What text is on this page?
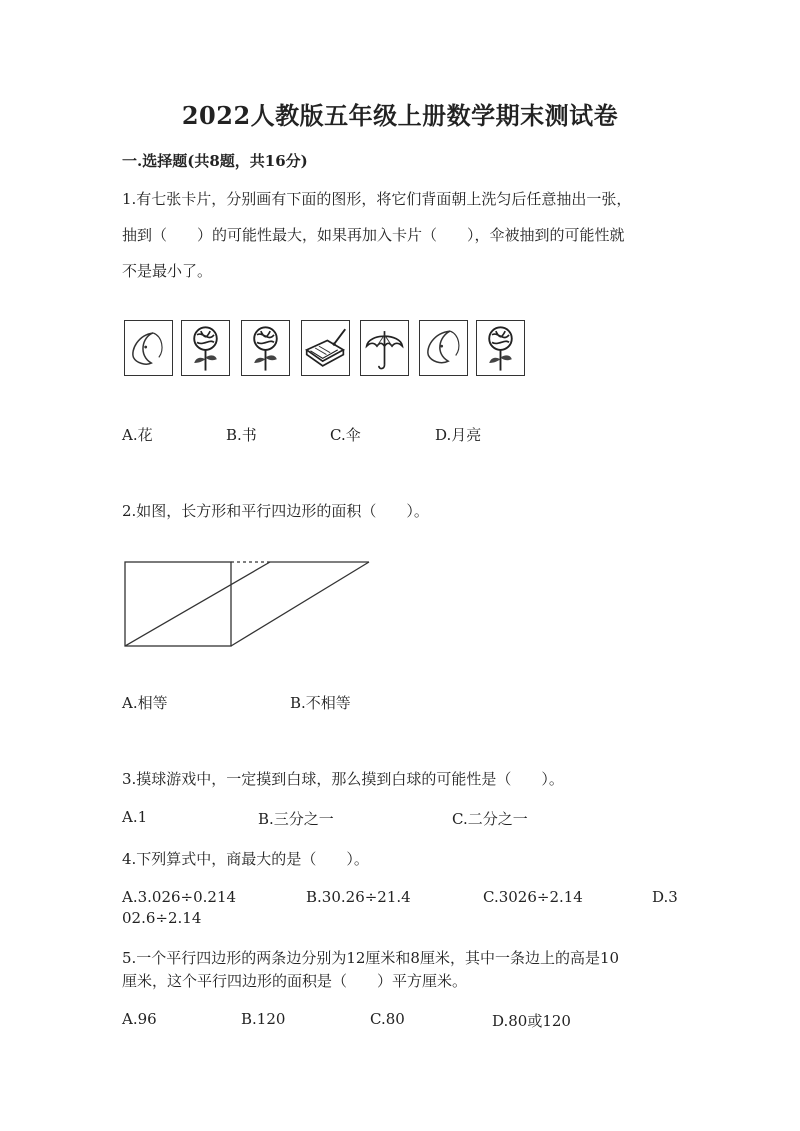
2022人教版五年级上册数学期末测试卷
一.选择题(共8题，共16分)
1.有七张卡片，分别画有下面的图形，将它们背面朝上洗匀后任意抽出一张，
抽到（　　）的可能性最大，如果再加入卡片（　　），伞被抽到的可能性就
不是最小了。
A.花	B.书	C.伞	D.月亮
2.如图，长方形和平行四边形的面积（　　）。
A.相等	B.不相等
3.摸球游戏中，一定摸到白球，那么摸到白球的可能性是（　　）。
A.1	B.三分之一	C.二分之一
4.下列算式中，商最大的是（　　）。
A.3.026÷0.214	B.30.26÷21.4	C.3026÷2.14	D.3
02.6÷2.14
5.一个平行四边形的两条边分别为12厘米和8厘米，其中一条边上的高是10
厘米，这个平行四边形的面积是（　　）平方厘米。
A.96	B.120	C.80	D.80或120
